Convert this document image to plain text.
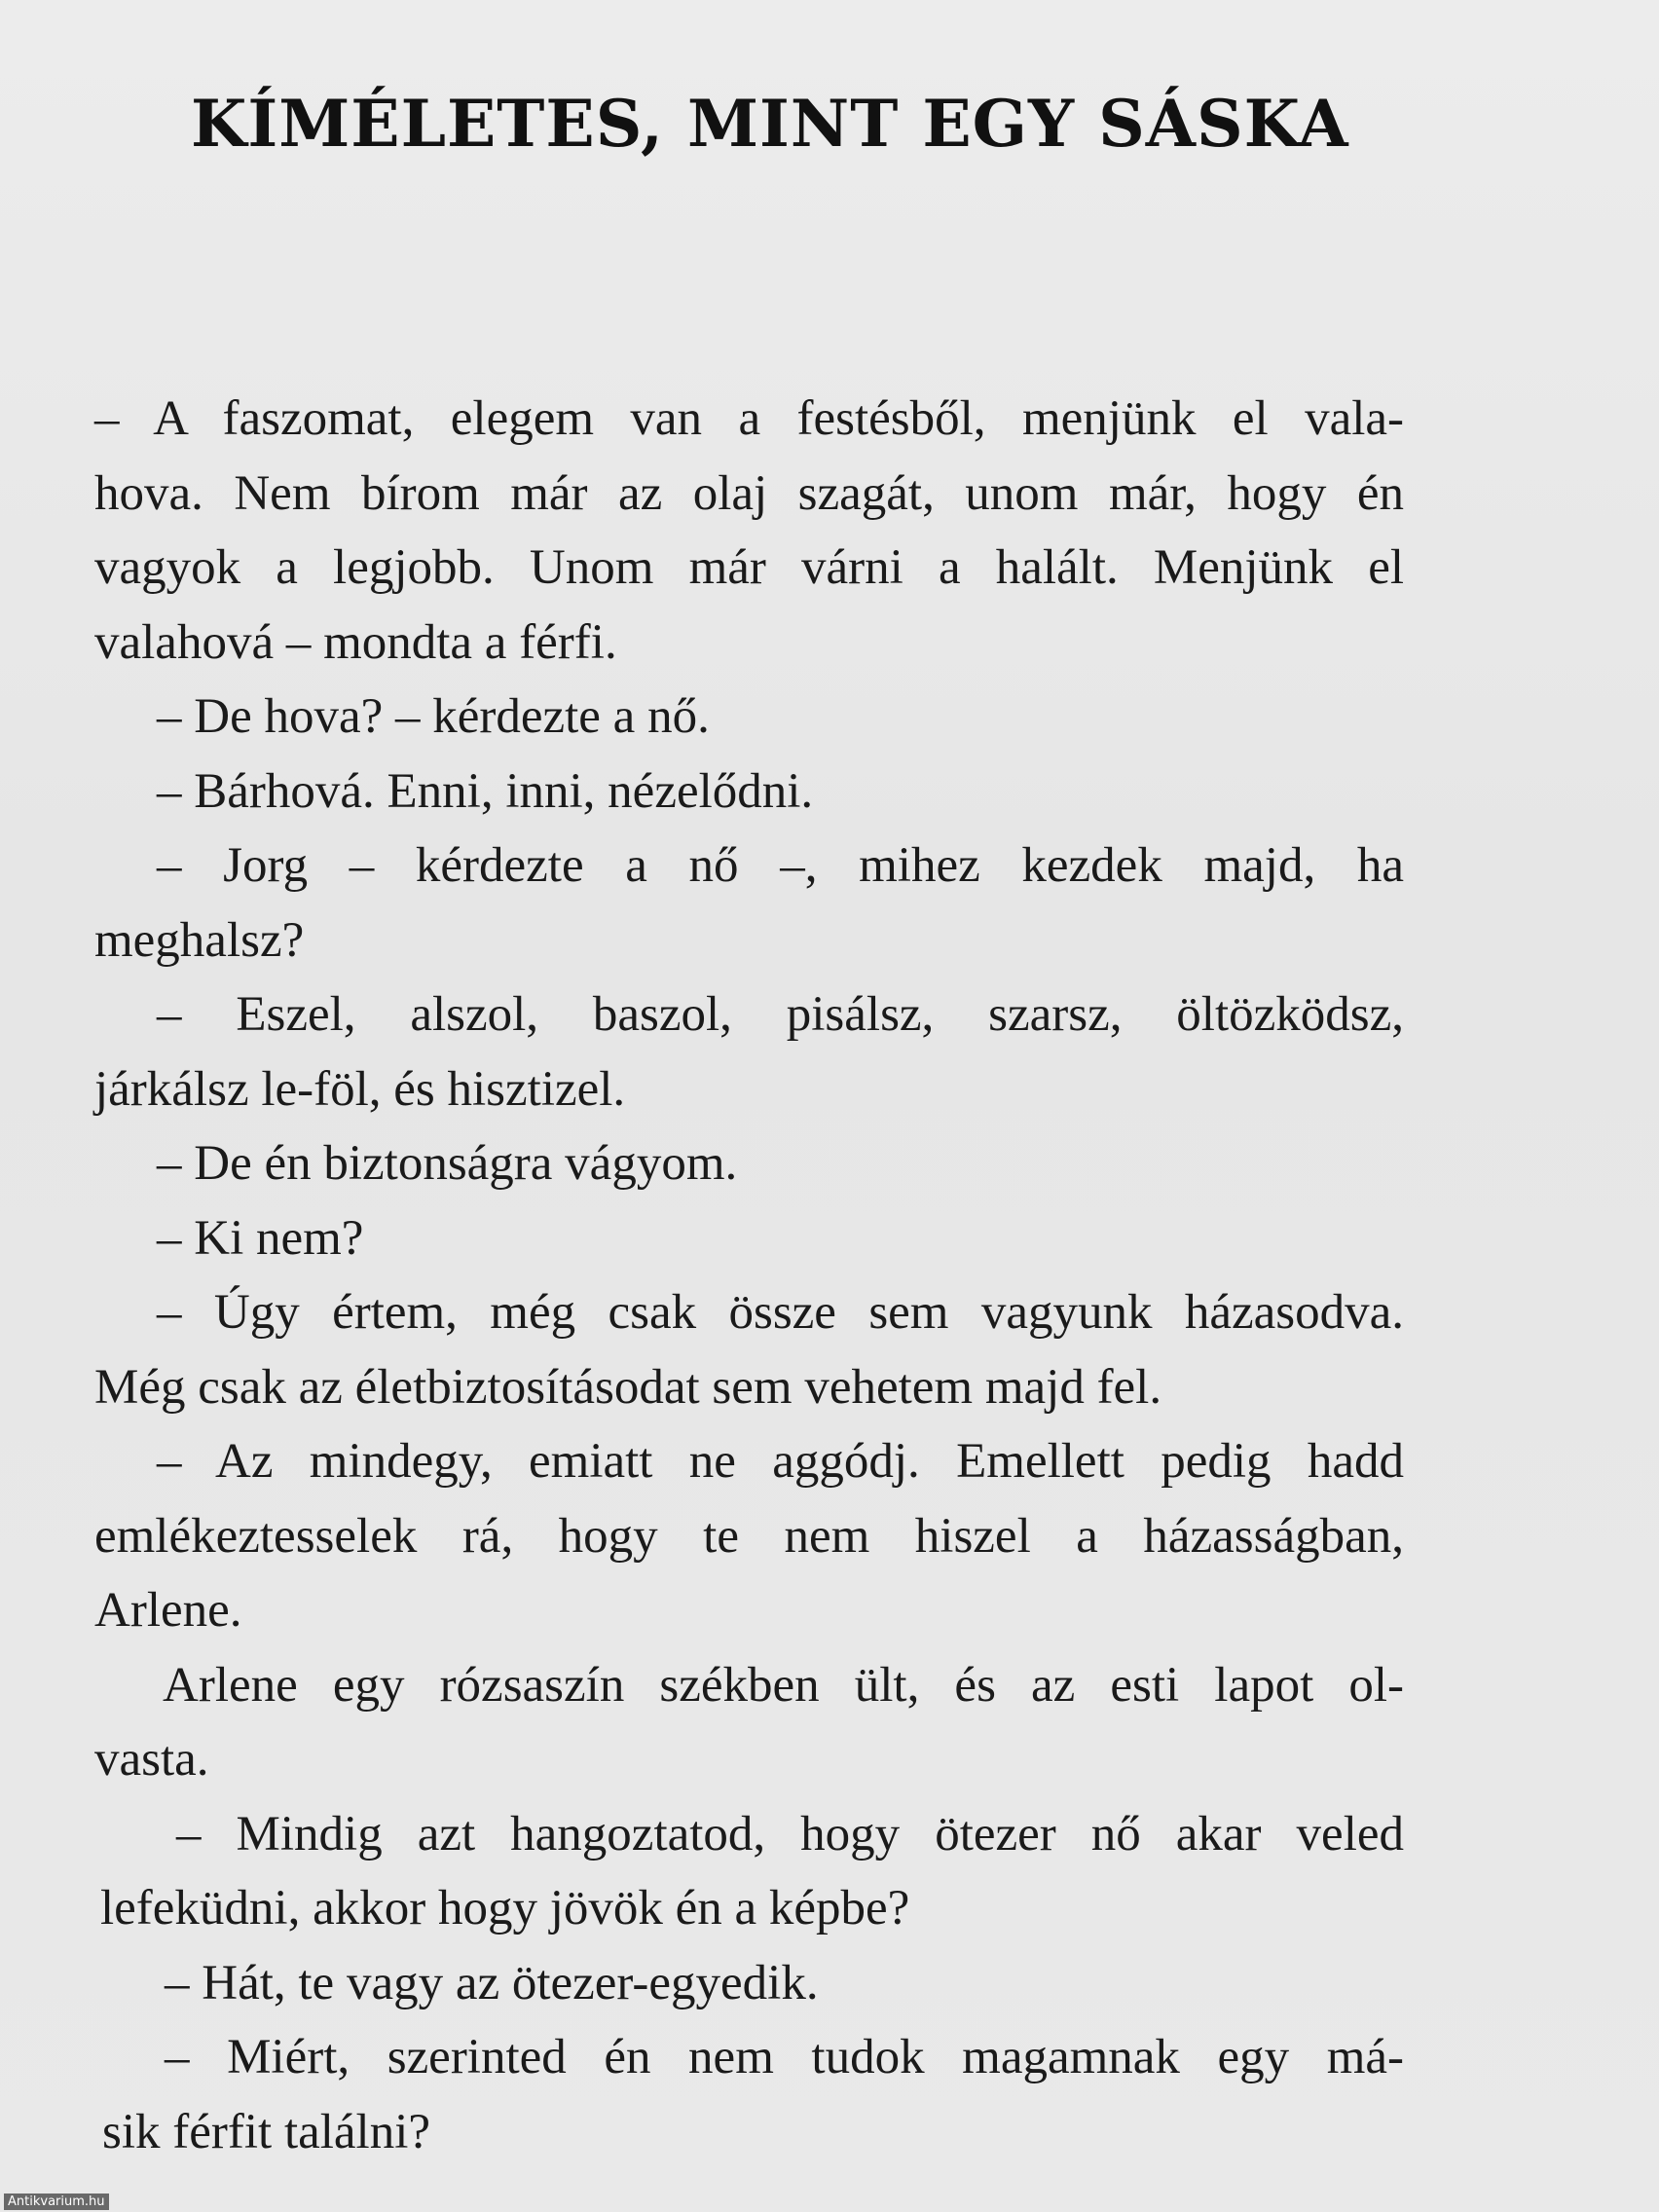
KÍMÉLETES, MINT EGY SÁSKA
– A faszomat, elegem van a festésből, menjünk el vala-
hova. Nem bírom már az olaj szagát, unom már, hogy én
vagyok a legjobb. Unom már várni a halált. Menjünk el
valahová – mondta a férfi.
– De hova? – kérdezte a nő.
– Bárhová. Enni, inni, nézelődni.
– Jorg – kérdezte a nő –, mihez kezdek majd, ha
meghalsz?
– Eszel, alszol, baszol, pisálsz, szarsz, öltözködsz,
járkálsz le-föl, és hisztizel.
– De én biztonságra vágyom.
– Ki nem?
– Úgy értem, még csak össze sem vagyunk házasodva.
Még csak az életbiztosításodat sem vehetem majd fel.
– Az mindegy, emiatt ne aggódj. Emellett pedig hadd
emlékeztesselek rá, hogy te nem hiszel a házasságban,
Arlene.
Arlene egy rózsaszín székben ült, és az esti lapot ol-
vasta.
– Mindig azt hangoztatod, hogy ötezer nő akar veled
lefeküdni, akkor hogy jövök én a képbe?
– Hát, te vagy az ötezer-egyedik.
– Miért, szerinted én nem tudok magamnak egy má-
sik férfit találni?
Antikvarium.hu
